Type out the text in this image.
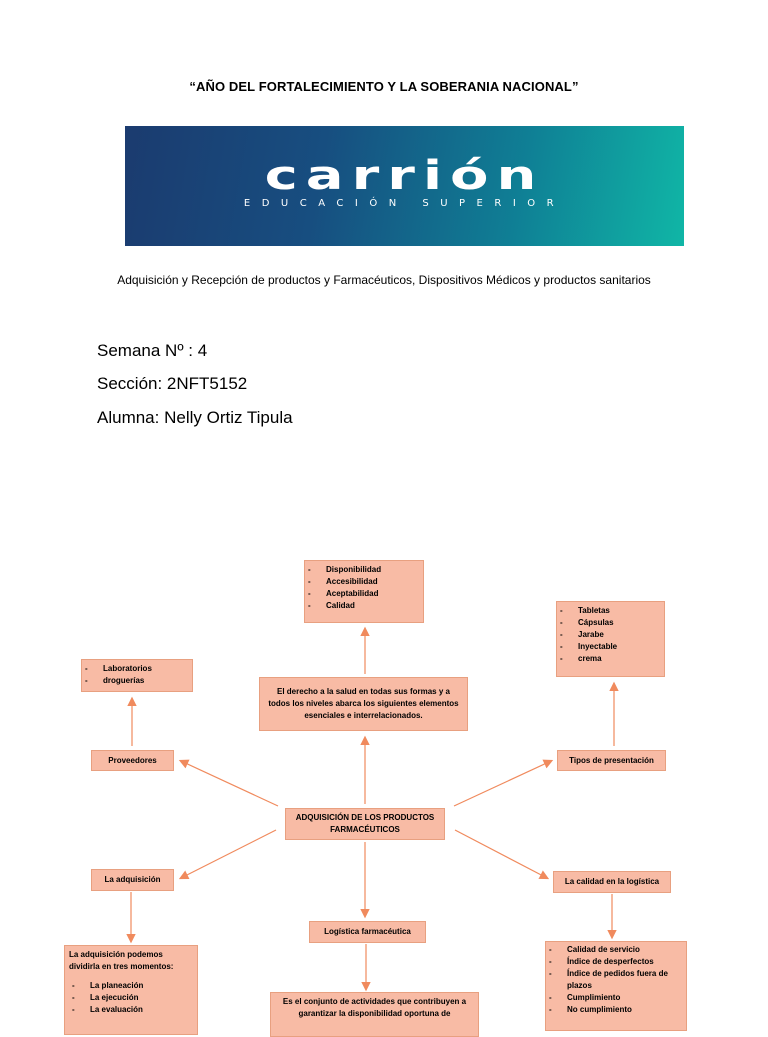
“AÑO DEL FORTALECIMIENTO Y LA SOBERANIA NACIONAL”
carrión
EDUCACIÓN SUPERIOR
Adquisición y Recepción de productos y Farmacéuticos, Dispositivos Médicos y productos sanitarios
Semana Nº : 4
Sección: 2NFT5152
Alumna: Nelly Ortiz Tipula
- Disponibilidad
- Accesibilidad
- Aceptabilidad
- Calidad

El derecho a la salud en todas sus formas y a todos los niveles abarca los siguientes elementos esenciales e interrelacionados.

- Laboratorios
- droguerías
Proveedores
- Tabletas
- Cápsulas
- Jarabe
- Inyectable
- crema
Tipos de presentación
ADQUISICIÓN DE LOS PRODUCTOS FARMACÉUTICOS
La adquisición	La calidad en la logística

La adquisición podemos dividirla en tres momentos:

- La planeación
- La ejecución
- La evaluación
Logística farmacéutica

Es el conjunto de actividades que contribuyen a garantizar la disponibilidad oportuna de

- Calidad de servicio
- Índice de desperfectos
- Índice de pedidos fuera de plazos
- Cumplimiento
- No cumplimiento
